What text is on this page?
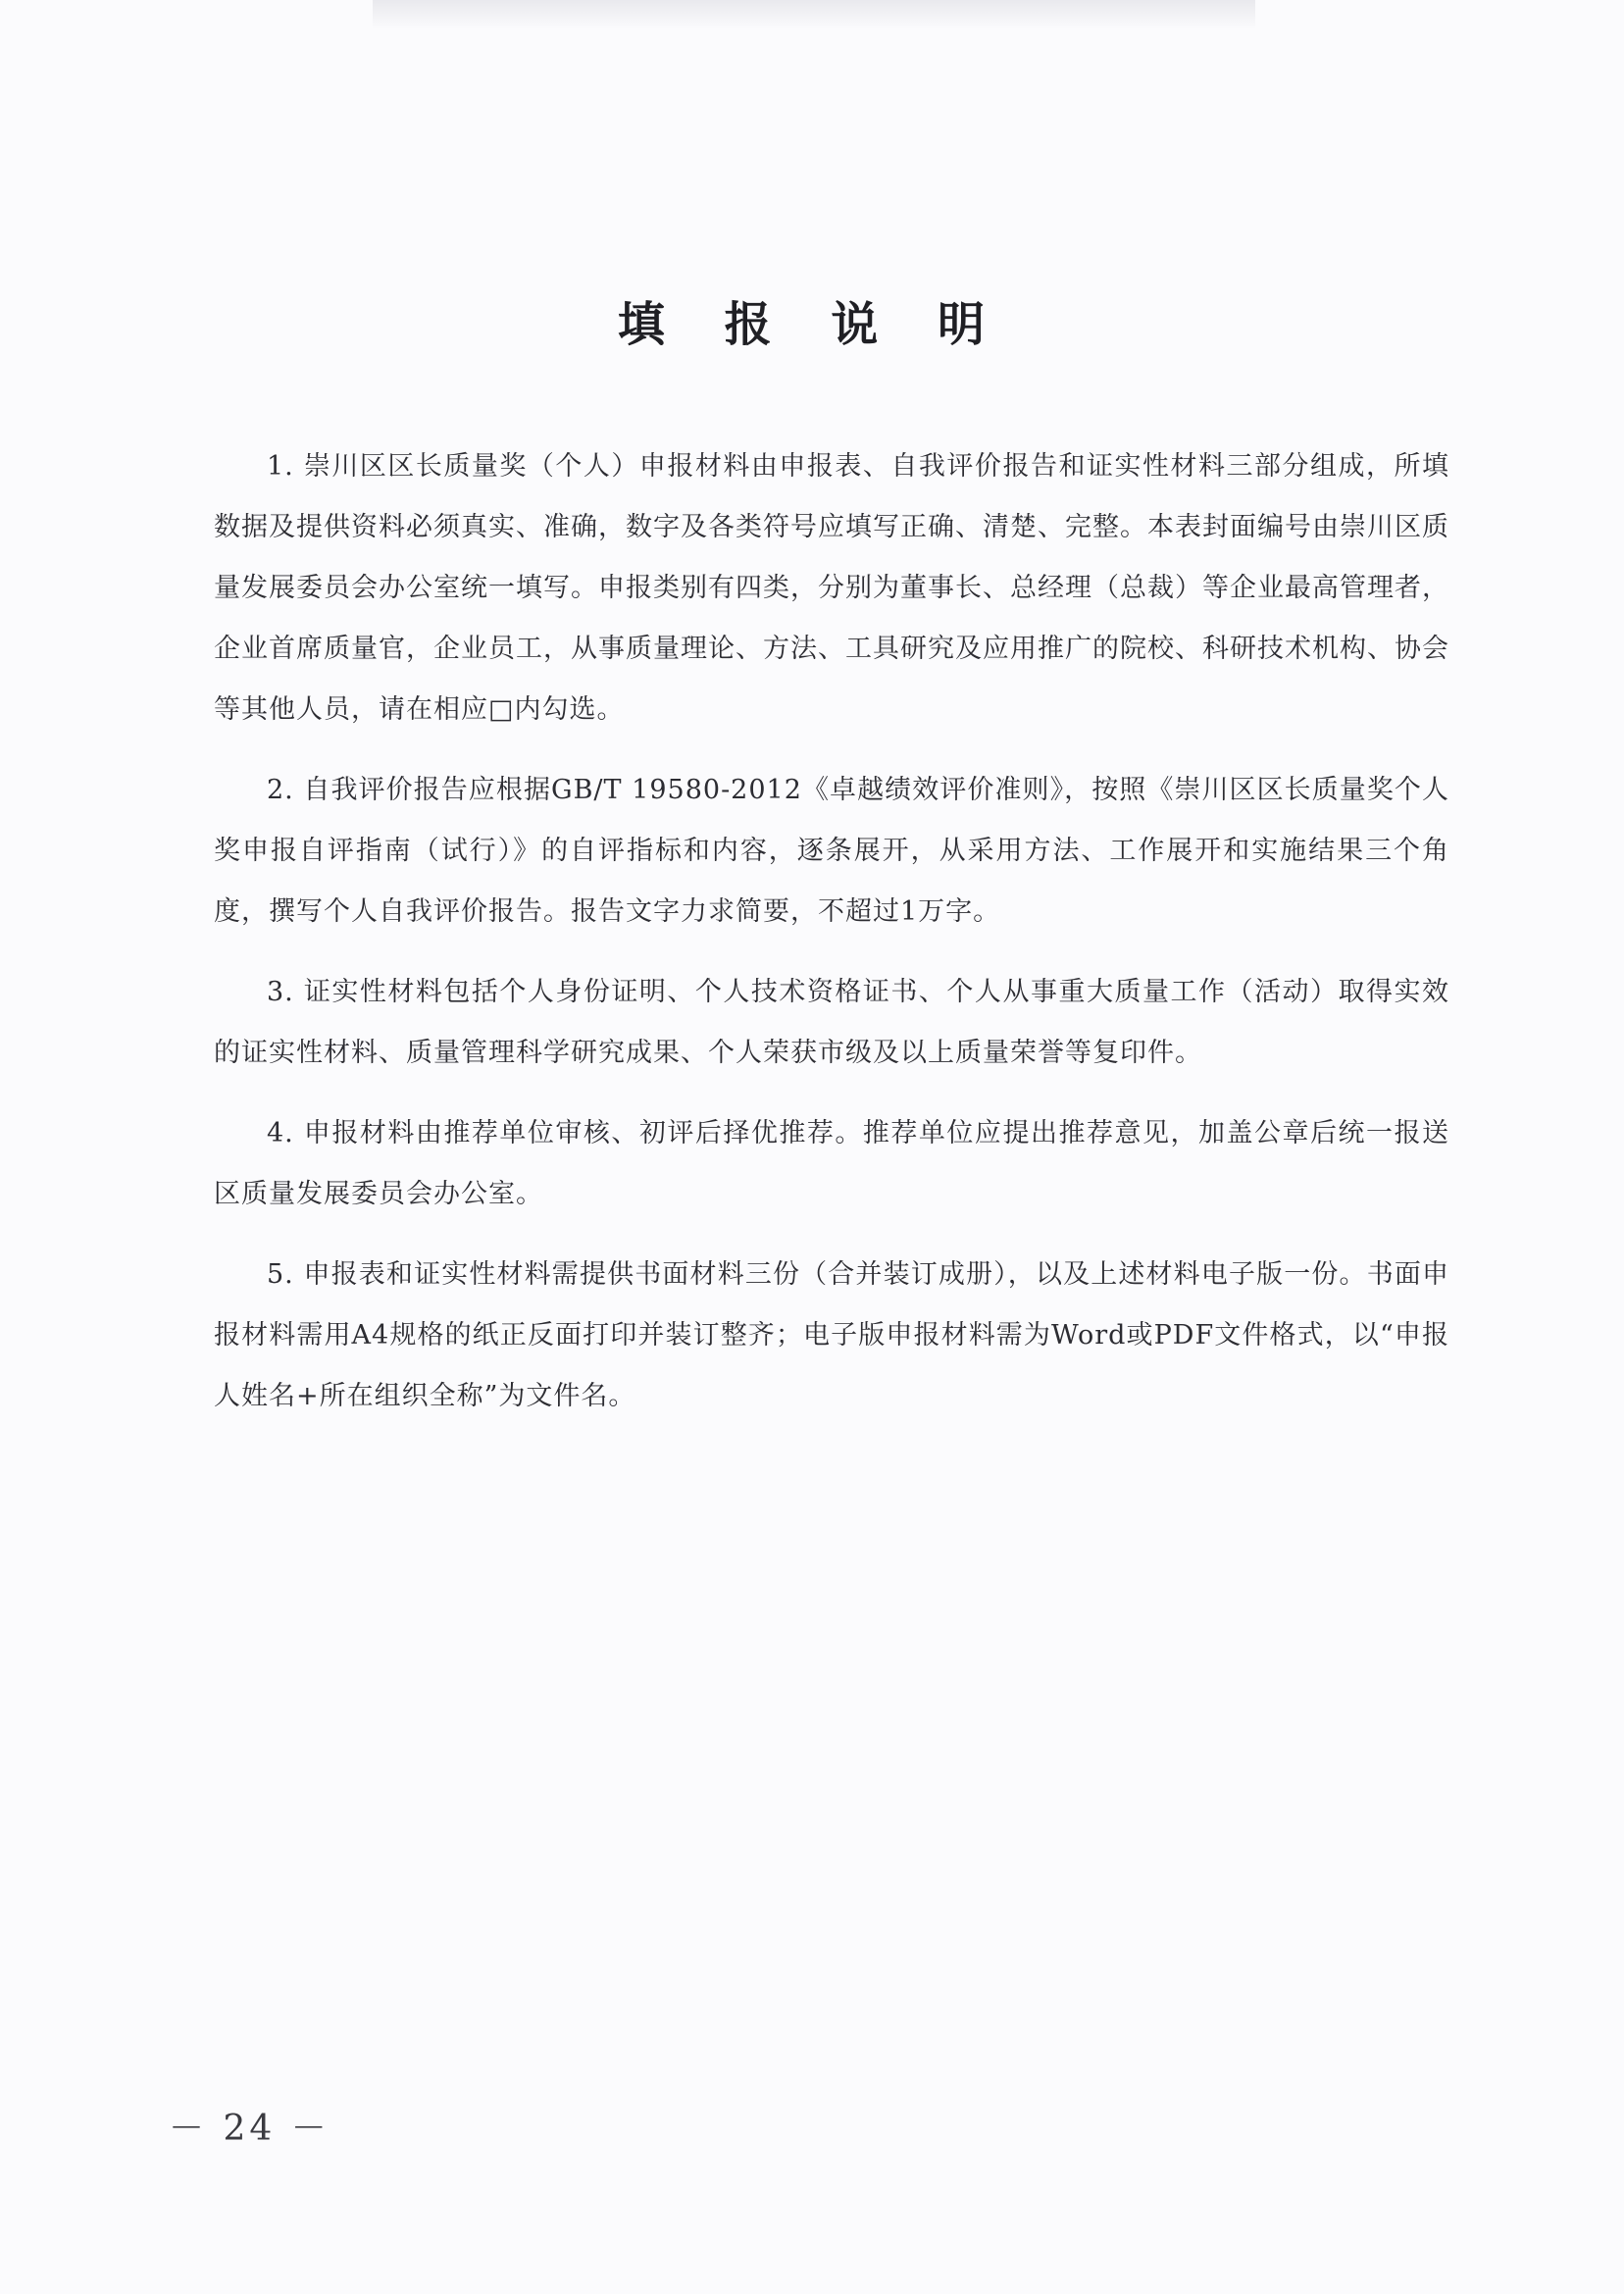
填 报 说 明

1. 崇川区区长质量奖（个人）申报材料由申报表、自我评价报告和证实性材料三部分组成，所填数据及提供资料必须真实、准确，数字及各类符号应填写正确、清楚、完整。本表封面编号由崇川区质量发展委员会办公室统一填写。申报类别有四类，分别为董事长、总经理（总裁）等企业最高管理者，企业首席质量官，企业员工，从事质量理论、方法、工具研究及应用推广的院校、科研技术机构、协会等其他人员，请在相应□内勾选。

2. 自我评价报告应根据GB/T 19580-2012《卓越绩效评价准则》，按照《崇川区区长质量奖个人奖申报自评指南（试行）》的自评指标和内容，逐条展开，从采用方法、工作展开和实施结果三个角度，撰写个人自我评价报告。报告文字力求简要，不超过1万字。

3. 证实性材料包括个人身份证明、个人技术资格证书、个人从事重大质量工作（活动）取得实效的证实性材料、质量管理科学研究成果、个人荣获市级及以上质量荣誉等复印件。

4. 申报材料由推荐单位审核、初评后择优推荐。推荐单位应提出推荐意见，加盖公章后统一报送区质量发展委员会办公室。

5. 申报表和证实性材料需提供书面材料三份（合并装订成册），以及上述材料电子版一份。书面申报材料需用A4规格的纸正反面打印并装订整齐；电子版申报材料需为Word或PDF文件格式，以“申报人姓名+所在组织全称”为文件名。

－ 24 －
